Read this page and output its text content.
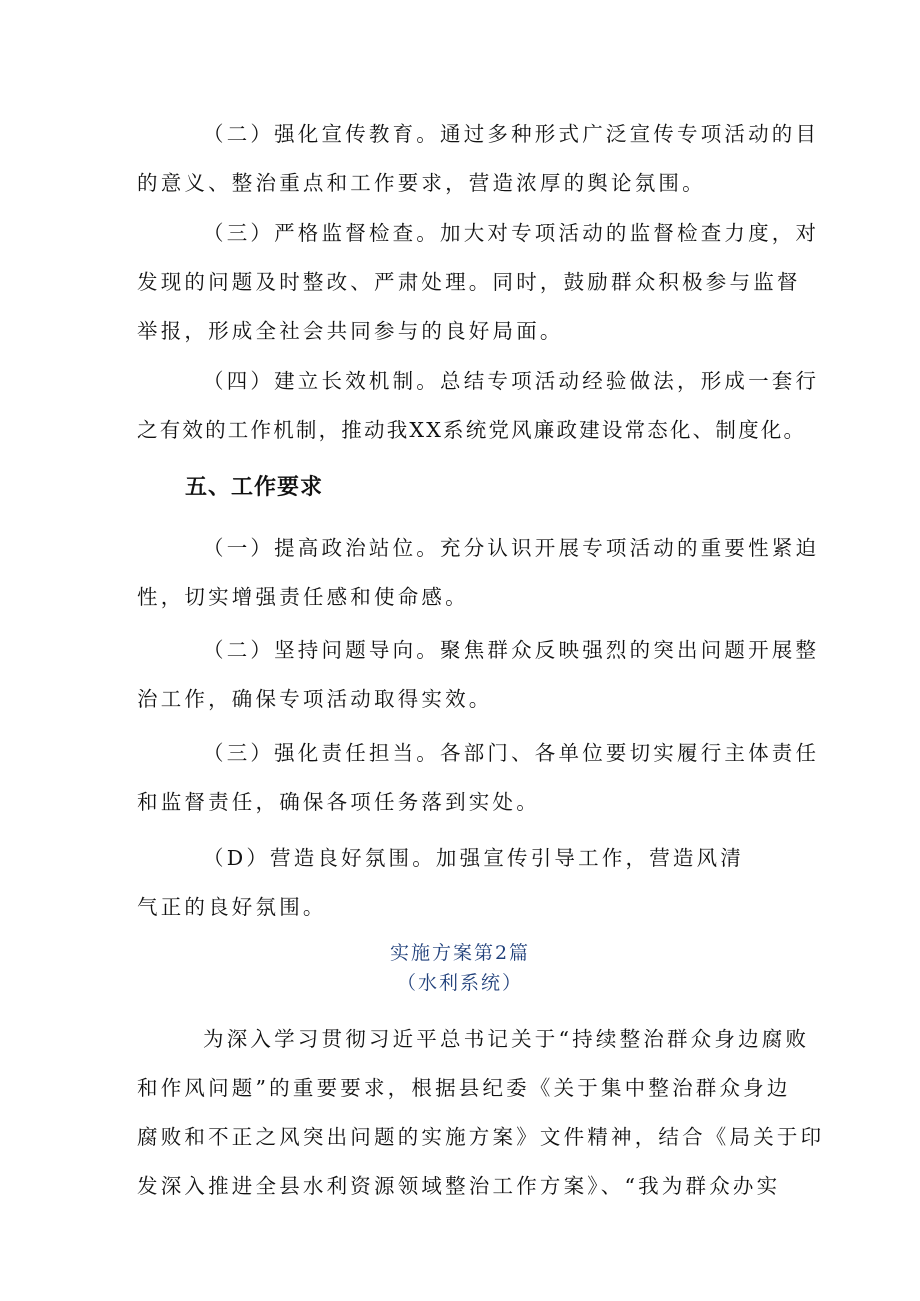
（二）强化宣传教育。通过多种形式广泛宣传专项活动的目
的意义、整治重点和工作要求，营造浓厚的舆论氛围。

（三）严格监督检查。加大对专项活动的监督检查力度，对
发现的问题及时整改、严肃处理。同时，鼓励群众积极参与监督
举报，形成全社会共同参与的良好局面。

（四）建立长效机制。总结专项活动经验做法，形成一套行
之有效的工作机制，推动我XX系统党风廉政建设常态化、制度化。

五、工作要求

（一）提高政治站位。充分认识开展专项活动的重要性紧迫
性，切实增强责任感和使命感。

（二）坚持问题导向。聚焦群众反映强烈的突出问题开展整
治工作，确保专项活动取得实效。

（三）强化责任担当。各部门、各单位要切实履行主体责任
和监督责任，确保各项任务落到实处。

（D）营造良好氛围。加强宣传引导工作，营造风清
气正的良好氛围。

实施方案第2篇

（水利系统）

为深入学习贯彻习近平总书记关于“持续整治群众身边腐败
和作风问题”的重要要求，根据县纪委《关于集中整治群众身边
腐败和不正之风突出问题的实施方案》文件精神，结合《局关于印
发深入推进全县水利资源领域整治工作方案》、“我为群众办实
